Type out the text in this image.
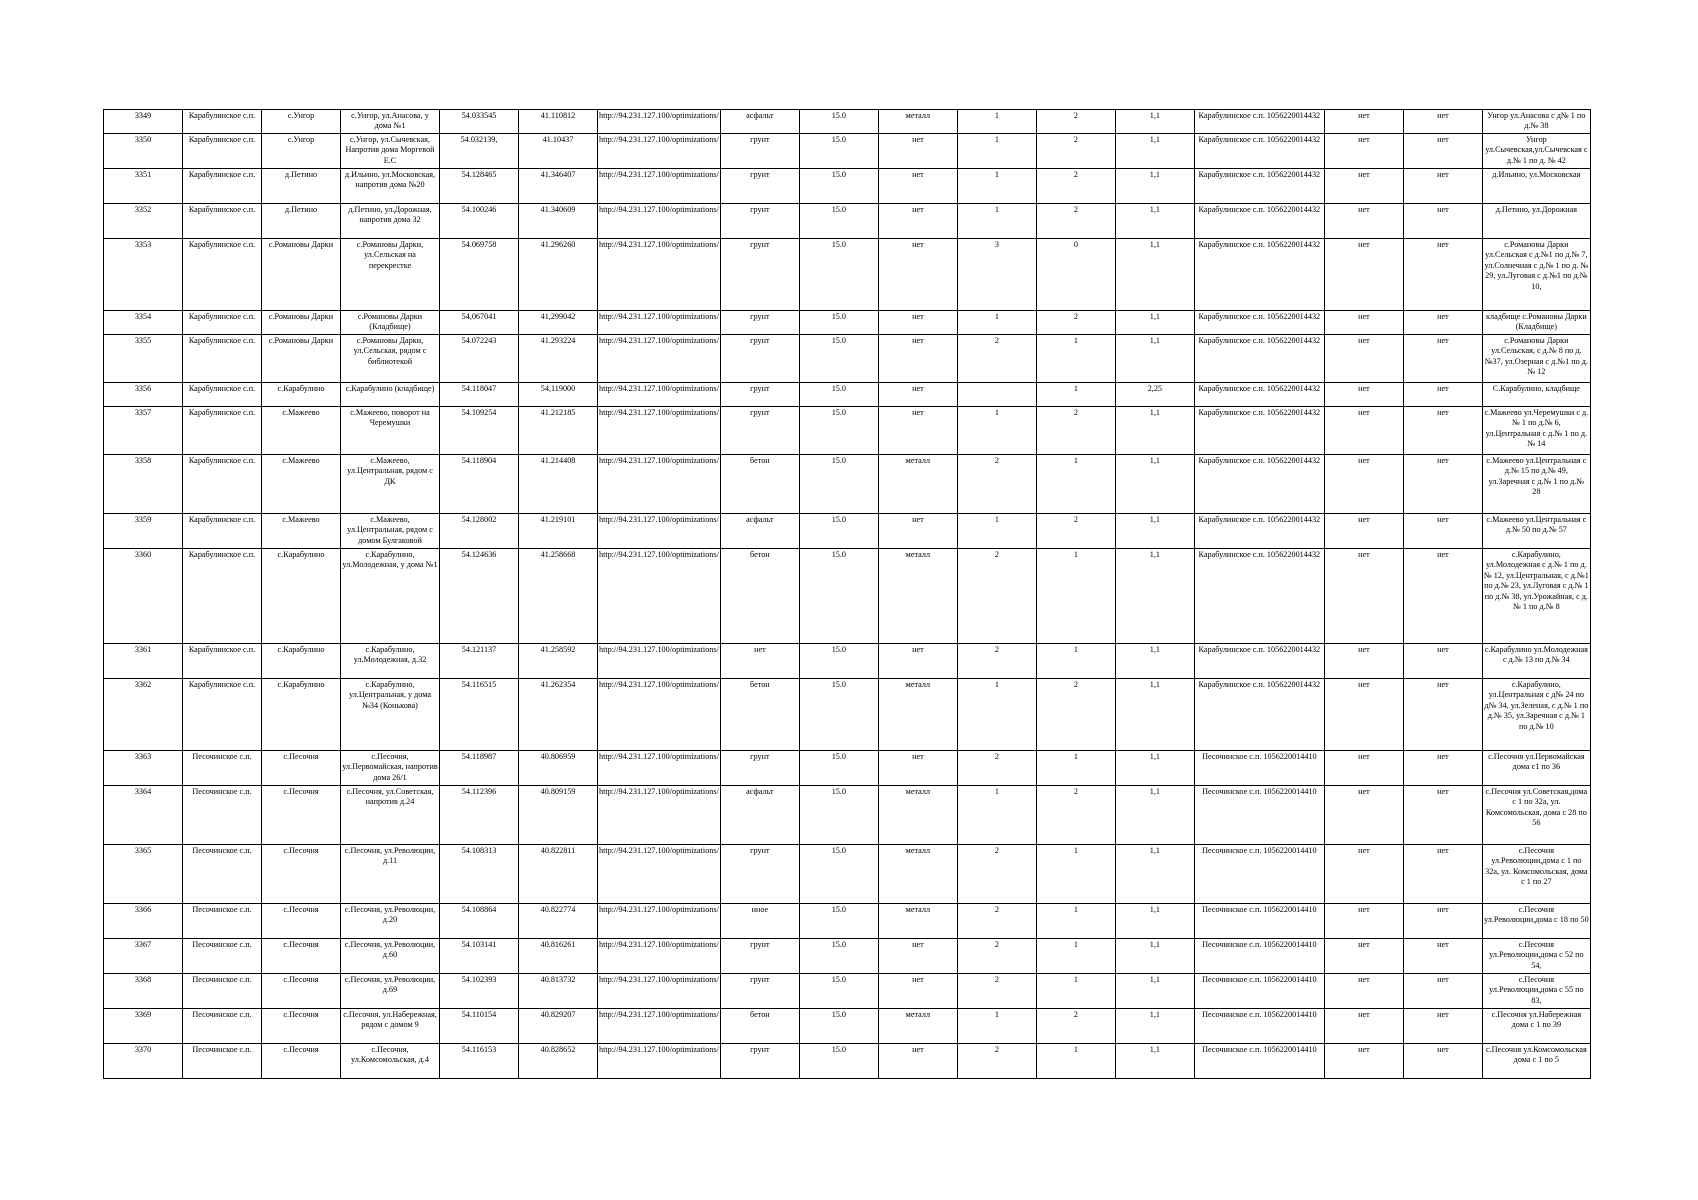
3349	Карабулинское с.п.	с.Унгор	с.Унгор, ул.Анасова, у дома №1	54.033545	41.110812	http://94.231.127.100/optimizations/	асфальт	15.0	металл	1	2	1,1	Карабулинское с.п. 1056220014432	нет	нет	Унгор ул.Анасова с д№ 1 по д.№ 38
3350	Карабулинское с.п.	с.Унгор	с.Унгор, ул.Сычевская, Напротив дома Моргевой Е.С	54.032139,	41.10437	http://94.231.127.100/optimizations/	грунт	15.0	нет	1	2	1,1	Карабулинское с.п. 1056220014432	нет	нет	Унгор ул.Сычевская,ул.Сычевская с д.№ 1 по д. № 42
3351	Карабулинское с.п.	д.Петино	д.Ильино, ул.Московская, напротив дома №20	54.128465	41.346407	http://94.231.127.100/optimizations/	грунт	15.0	нет	1	2	1,1	Карабулинское с.п. 1056220014432	нет	нет	д.Ильино, ул.Московская
3352	Карабулинское с.п.	д.Петино	д.Петино, ул.Дорожная, напротив дома 32	54.100246	41.340609	http://94.231.127.100/optimizations/	грунт	15.0	нет	1	2	1,1	Карабулинское с.п. 1056220014432	нет	нет	д.Петино, ул.Дорожная
3353	Карабулинское с.п.	с.Романовы Дарки	с.Романовы Дарки, ул.Сельская на перекрестке	54.069758	41.296260	http://94.231.127.100/optimizations/	грунт	15.0	нет	3	0	1,1	Карабулинское с.п. 1056220014432	нет	нет	с.Романовы Дарки ул.Сельская с д.№1 по д.№ 7, ул.Солнечная с д.№ 1 по д. № 29, ул.Луговая с д.№1 по д.№ 10,
3354	Карабулинское с.п.	с.Романовы Дарки	с.Романовы Дарки (Кладбище)	54,067041	41,299042	http://94.231.127.100/optimizations/	грунт	15.0	нет	1	2	1,1	Карабулинское с.п. 1056220014432	нет	нет	кладбище с.Романовы Дарки (Кладбище)
3355	Карабулинское с.п.	с.Романовы Дарки	с.Романовы Дарки, ул.Сельская, рядом с библиотекой	54.072243	41.293224	http://94.231.127.100/optimizations/	грунт	15.0	нет	2	1	1,1	Карабулинское с.п. 1056220014432	нет	нет	с.Романовы Дарки ул.Сельская, с д.№ 8 по д.№37, ул.Озерная с д.№1 по д.№ 12
3356	Карабулинское с.п.	с.Карабулино	с.Карабулино (кладбище)	54.118047	54,119000	http://94.231.127.100/optimizations/	грунт	15.0	нет		1	2,25	Карабулинское с.п. 1056220014432	нет	нет	С.Карабулино, кладбище
3357	Карабулинское с.п.	с.Мажеево	с.Мажеево, поворот на Черемушки	54.109254	41.212185	http://94.231.127.100/optimizations/	грунт	15.0	нет	1	2	1,1	Карабулинское с.п. 1056220014432	нет	нет	с.Мажеево ул.Черемушки с д.№ 1 по д.№ 6, ул.Центральная с д.№ 1 по д.№ 14
3358	Карабулинское с.п.	с.Мажеево	с.Мажеево, ул.Центральная, рядом с ДК	54.118904	41.214408	http://94.231.127.100/optimizations/	бетон	15.0	металл	2	1	1,1	Карабулинское с.п. 1056220014432	нет	нет	с.Мажеево ул.Центральная с д.№ 15 по д.№ 49, ул.Заречная с д.№ 1 по д.№ 28
3359	Карабулинское с.п.	с.Мажеево	с.Мажеево, ул.Центральная, рядом с домом Булгаковой	54.128002	41.219101	http://94.231.127.100/optimizations/	асфальт	15.0	нет	1	2	1,1	Карабулинское с.п. 1056220014432	нет	нет	с.Мажеево ул.Центральная с д.№ 50 по д.№ 57
3360	Карабулинское с.п.	с.Карабулино	с.Карабулино, ул.Молодежная, у дома №1	54.124636	41.258668	http://94.231.127.100/optimizations/	бетон	15.0	металл	2	1	1,1	Карабулинское с.п. 1056220014432	нет	нет	с.Карабулино, ул.Молодежная с д.№ 1 по д.№ 12, ул.Центральная, с д.№1 по д.№ 23, ул.Луговая с д.№ 1 по д.№ 38, ул.Урожайная, с д.№ 1 по д.№ 8
3361	Карабулинское с.п.	с.Карабулино	с.Карабулино, ул.Молодежная, д.32	54.121137	41.258592	http://94.231.127.100/optimizations/	нет	15.0	нет	2	1	1,1	Карабулинское с.п. 1056220014432	нет	нет	с.Карабулино ул.Молодежная с д.№ 13 по д.№ 34
3362	Карабулинское с.п.	с.Карабулино	с.Карабулино, ул.Центральная, у дома №34 (Конькова)	54.116515	41.262354	http://94.231.127.100/optimizations/	бетон	15.0	металл	1	2	1,1	Карабулинское с.п. 1056220014432	нет	нет	с.Карабулино, ул.Центральная с д№ 24 по д№ 34, ул.Зеленая, с д.№ 1 по д.№ 35, ул.Заречная с д.№ 1 по д.№ 10
3363	Песочинское с.п.	с.Песочня	с.Песочня, ул.Первомайская, напротив дома 26/1	54.118987	40.806959	http://94.231.127.100/optimizations/	грунт	15.0	нет	2	1	1,1	Песочинское с.п. 1056220014410	нет	нет	с.Песочня ул.Первомайская дома с1 по 36
3364	Песочинское с.п.	с.Песочня	с.Песочня, ул.Советская, напротив д.24	54.112396	40.809159	http://94.231.127.100/optimizations/	асфальт	15.0	металл	1	2	1,1	Песочинское с.п. 1056220014410	нет	нет	с.Песочня ул.Советская,дома с 1 по 32а, ул. Комсомольская, дома с 28 по 56
3365	Песочинское с.п.	с.Песочня	с.Песочня, ул.Революции, д.11	54.108313	40.822811	http://94.231.127.100/optimizations/	грунт	15.0	металл	2	1	1,1	Песочинское с.п. 1056220014410	нет	нет	с.Песочня ул.Революции,дома с 1 по 32а, ул. Комсомольская, дома с 1 по 27
3366	Песочинское с.п.	с.Песочня	с.Песочня, ул.Революции, д.20	54.108864	40.822774	http://94.231.127.100/optimizations/	иное	15.0	металл	2	1	1,1	Песочинское с.п. 1056220014410	нет	нет	с.Песочня ул.Революции,дома с 18 по 50
3367	Песочинское с.п.	с.Песочня	с.Песочня, ул.Революции, д.60	54.103141	40.816261	http://94.231.127.100/optimizations/	грунт	15.0	нет	2	1	1,1	Песочинское с.п. 1056220014410	нет	нет	с.Песочня ул.Революции,дома с 52 по 54,
3368	Песочинское с.п.	с.Песочня	с.Песочня, ул.Революции, д.69	54.102393	40.813732	http://94.231.127.100/optimizations/	грунт	15.0	нет	2	1	1,1	Песочинское с.п. 1056220014410	нет	нет	с.Песочня ул.Революции,дома с 55 по 83,
3369	Песочинское с.п.	с.Песочня	с.Песочня, ул.Набережная, рядом с домом 9	54.110154	40.829207	http://94.231.127.100/optimizations/	бетон	15.0	металл	1	2	1,1	Песочинское с.п. 1056220014410	нет	нет	с.Песочня ул.Набережная дома с 1 по 39
3370	Песочинское с.п.	с.Песочня	с.Песочня, ул.Комсомольская, д.4	54.116153	40.828652	http://94.231.127.100/optimizations/	грунт	15.0	нет	2	1	1,1	Песочинское с.п. 1056220014410	нет	нет	с.Песочня ул.Комсомольская дома с 1 по 5
